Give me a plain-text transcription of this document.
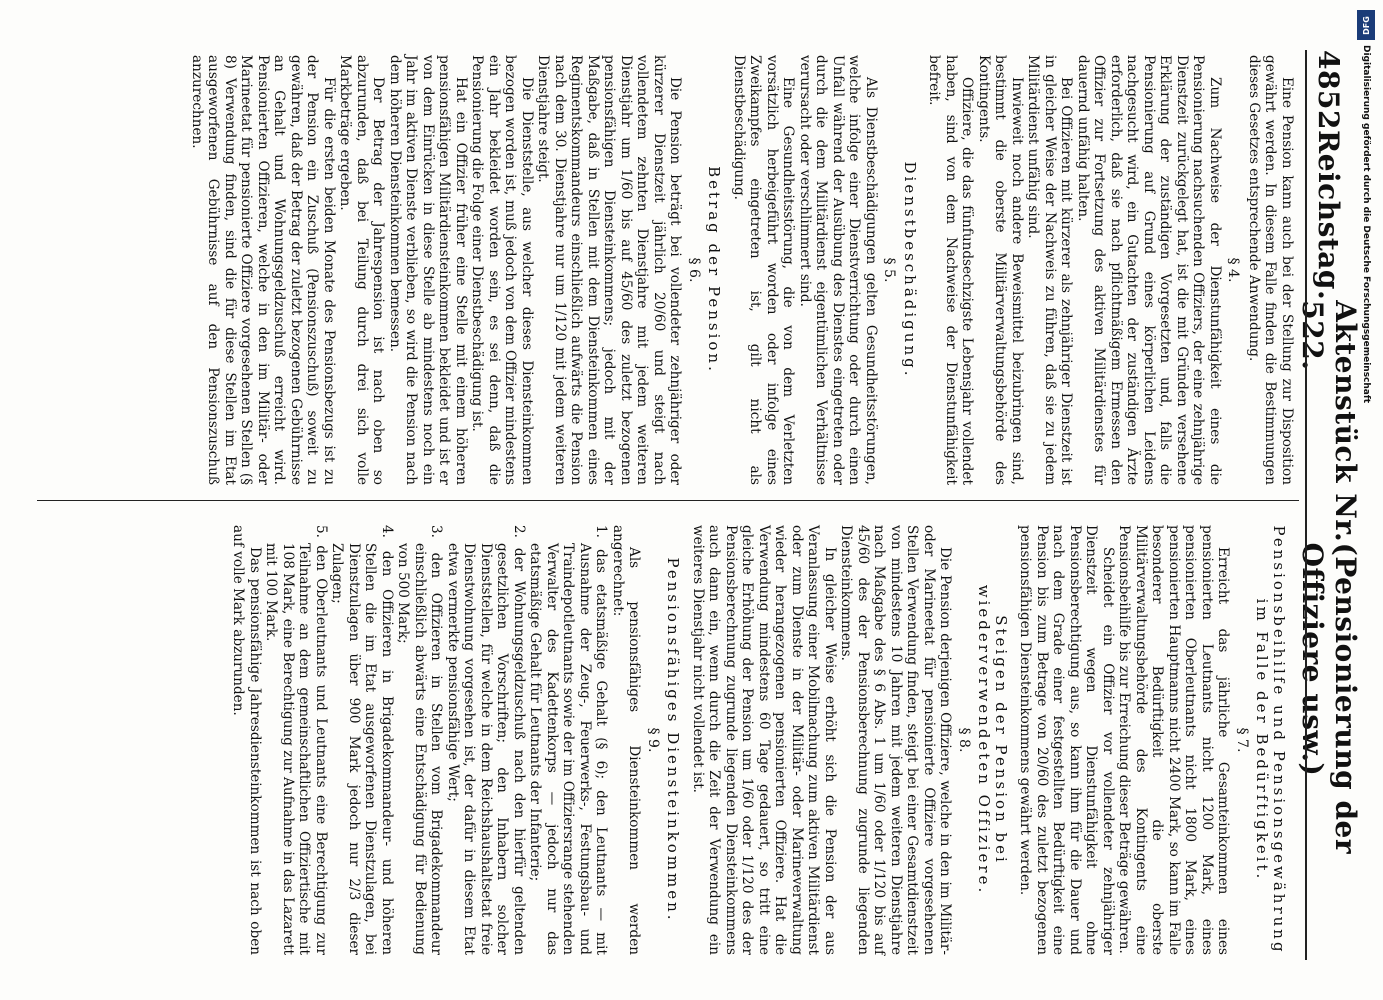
4852
Reichstag.
Aktenstück Nr. 522.
(Pensionierung der Offiziere usw.)

Eine Pension kann auch bei der Stellung zur Disposition gewährt werden. In diesem Falle finden die Bestimmungen dieses Gesetzes entsprechende Anwendung.

§ 4.

Zum Nachweise der Dienstunfähigkeit eines die Pensionierung nachsuchenden Offiziers, der eine zehnjährige Dienstzeit zurückgelegt hat, ist die mit Gründen versehene Erklärung der zuständigen Vorgesetzten und, falls die Pensionierung auf Grund eines körperlichen Leidens nachgesucht wird, ein Gutachten der zuständigen Ärzte erforderlich, daß sie nach pflichtmäßigem Ermessen den Offizier zur Fortsetzung des aktiven Militärdienstes für dauernd unfähig halten.

Bei Offizieren mit kürzerer als zehnjähriger Dienstzeit ist in gleicher Weise der Nachweis zu führen, daß sie zu jedem Militärdienst unfähig sind.

Inwieweit noch andere Beweismittel beizubringen sind, bestimmt die oberste Militärverwaltungsbehörde des Kontingents.

Offiziere, die das fünfundsechzigste Lebensjahr vollendet haben, sind von dem Nachweise der Dienstunfähigkeit befreit.

Dienstbeschädigung.
§ 5.

Als Dienstbeschädigungen gelten Gesundheitsstörungen, welche infolge einer Dienstverrichtung oder durch einen Unfall während der Ausübung des Dienstes eingetreten oder durch die dem Militärdienst eigentümlichen Verhältnisse verursacht oder verschlimmert sind.

Eine Gesundheitsstörung, die von dem Verletzten vorsätzlich herbeigeführt worden oder infolge eines Zweikampfes eingetreten ist, gilt nicht als Dienstbeschädigung.

Betrag der Pension.
§ 6.

Die Pension beträgt bei vollendeter zehnjähriger oder kürzerer Dienstzeit jährlich 20/60 und steigt nach vollendetem zehnten Dienstjahre mit jedem weiteren Dienstjahr um 1/60 bis auf 45/60 des zuletzt bezogenen pensionsfähigen Diensteinkommens; jedoch mit der Maßgabe, daß in Stellen mit dem Diensteinkommen eines Regimentskommandeurs einschließlich aufwärts die Pension nach dem 30. Dienstjahre nur um 1/120 mit jedem weiteren Dienstjahre steigt.

Die Dienststelle, aus welcher dieses Diensteinkommen bezogen worden ist, muß jedoch von dem Offizier mindestens ein Jahr bekleidet worden sein, es sei denn, daß die Pensionierung die Folge einer Dienstbeschädigung ist.

Hat ein Offizier früher eine Stelle mit einem höheren pensionsfähigen Militärdiensteinkommen bekleidet und ist er von dem Einrücken in diese Stelle ab mindestens noch ein Jahr im aktiven Dienste verblieben, so wird die Pension nach dem höheren Diensteinkommen bemessen.

Der Betrag der Jahrespension ist nach oben so abzurunden, daß bei Teilung durch drei sich volle Markbeträge ergeben.

Für die ersten beiden Monate des Pensionsbezugs ist zu der Pension ein Zuschuß (Pensionszuschuß) soweit zu gewähren, daß der Betrag der zuletzt bezogenen Gebührnisse an Gehalt und Wohnungsgeldzuschuß erreicht wird. Pensionierten Offizieren, welche in den im Militär- oder Marineetat für pensionierte Offiziere vorgesehenen Stellen (§ 8) Verwendung finden, sind die für diese Stellen im Etat ausgeworfenen Gebührnisse auf den Pensionszuschuß anzurechnen.

Pensionsbeihilfe und Pensionsgewährung im Falle der Bedürftigkeit.
§ 7.

Erreicht das jährliche Gesamteinkommen eines pensionierten Leutnants nicht 1200 Mark, eines pensionierten Oberleutnants nicht 1800 Mark, eines pensionierten Hauptmanns nicht 2400 Mark, so kann im Falle besonderer Bedürftigkeit die oberste Militärverwaltungsbehörde des Kontingents eine Pensionsbeihilfe bis zur Erreichung dieser Beträge gewähren.

Scheidet ein Offizier vor vollendeter zehnjähriger Dienstzeit wegen Dienstunfähigkeit ohne Pensionsberechtigung aus, so kann ihm für die Dauer und nach dem Grade einer festgestellten Bedürftigkeit eine Pension bis zum Betrage von 20/60 des zuletzt bezogenen pensionsfähigen Diensteinkommens gewährt werden.

Steigen der Pension bei wiederverwendeten Offiziere.
§ 8.

Die Pension derjenigen Offiziere, welche in den im Militär- oder Marineetat für pensionierte Offiziere vorgesehenen Stellen Verwendung finden, steigt bei einer Gesamtdienstzeit von mindestens 10 Jahren mit jedem weiteren Dienstjahre nach Maßgabe des § 6 Abs. 1 um 1/60 oder 1/120 bis auf 45/60 des der Pensionsberechnung zugrunde liegenden Diensteinkommens.

In gleicher Weise erhöht sich die Pension der aus Veranlassung einer Mobilmachung zum aktiven Militärdienst oder zum Dienste in der Militär- oder Marineverwaltung wieder herangezogenen pensionierten Offiziere. Hat die Verwendung mindestens 60 Tage gedauert, so tritt eine gleiche Erhöhung der Pension um 1/60 oder 1/120 des der Pensionsberechnung zugrunde liegenden Diensteinkommens auch dann ein, wenn durch die Zeit der Verwendung ein weiteres Dienstjahr nicht vollendet ist.

Pensionsfähiges Diensteinkommen.
§ 9.

Als pensionsfähiges Diensteinkommen werden angerechnet:

1. das etatsmäßige Gehalt (§ 6); den Leutnants — mit Ausnahme der Zeug-, Feuerwerks-, Festungsbau- und Traindepotleutnants sowie der im Offiziersrange stehenden Verwalter des Kadettenkorps — jedoch nur das etatsmäßige Gehalt für Leutnants der Infanterie;
2. der Wohnungsgeldzuschuß nach den hierfür geltenden gesetzlichen Vorschriften; den Inhabern solcher Dienststellen, für welche in dem Reichshaushaltsetat freie Dienstwohnung vorgesehen ist, der dafür in diesem Etat etwa vermerkte pensionsfähige Wert;
3. den Offizieren in Stellen vom Brigadekommandeur einschließlich abwärts eine Entschädigung für Bedienung von 500 Mark;
4. den Offizieren in Brigadekommandeur- und höheren Stellen die im Etat ausgeworfenen Dienstzulagen, bei Dienstzulagen über 900 Mark jedoch nur 2/3 dieser Zulagen;
5. den Oberleutnants und Leutnants eine Berechtigung zur Teilnahme an dem gemeinschaftlichen Offiziertische mit 108 Mark, eine Berechtigung zur Aufnahme in das Lazarett mit 100 Mark.

Das pensionsfähige Jahresdiensteinkommen ist nach oben auf volle Mark abzurunden.

DFG
Digitalisierung gefördert durch die Deutsche Forschungsgemeinschaft
